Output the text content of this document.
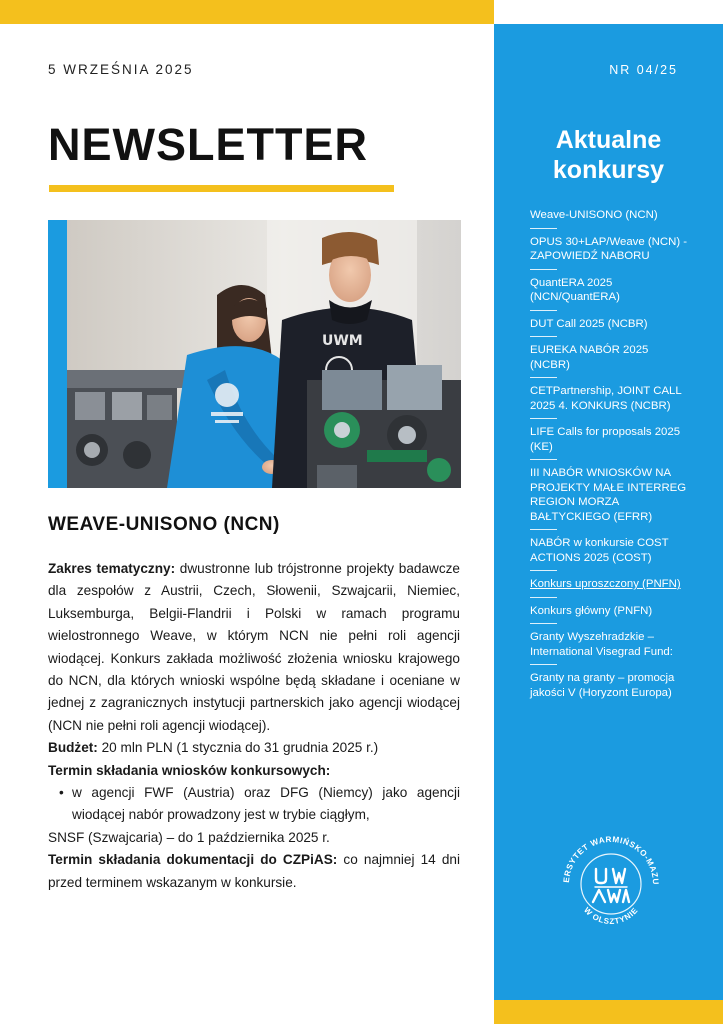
5 WRZEŚNIA 2025	NR 04/25
NEWSLETTER
UWM
WEAVE-UNISONO (NCN)

Zakres tematyczny: dwustronne lub trójstronne projekty badawcze dla zespołów z Austrii, Czech, Słowenii, Szwajcarii, Niemiec, Luksemburga, Belgii-Flandrii i Polski w ramach programu wielostronnego Weave, w którym NCN nie pełni roli agencji wiodącej. Konkurs zakłada możliwość złożenia wniosku krajowego do NCN, dla których wnioski wspólne będą składane i oceniane w jednej z zagranicznych instytucji partnerskich jako agencji wiodącej (NCN nie pełni roli agencji wiodącej).

Budżet: 20 mln PLN (1 stycznia do 31 grudnia 2025 r.)

Termin składania wniosków konkursowych:

• w agencji FWF (Austria) oraz DFG (Niemcy) jako agencji wiodącej nabór prowadzony jest w trybie ciągłym,

SNSF (Szwajcaria) – do 1 października 2025 r.

Termin składania dokumentacji do CZPiAS: co najmniej 14 dni przed terminem wskazanym w konkursie.

Aktualne
konkursy
Weave-UNISONO (NCN)
OPUS 30+LAP/Weave (NCN) - ZAPOWIEDŹ NABORU
QuantERA 2025 (NCN/QuantERA)
DUT Call 2025 (NCBR)
EUREKA NABÓR 2025 (NCBR)
CETPartnership, JOINT CALL 2025 4. KONKURS (NCBR)
LIFE Calls for proposals 2025 (KE)
III NABÓR WNIOSKÓW NA PROJEKTY MAŁE INTERREG REGION MORZA BAŁTYCKIEGO (EFRR)
NABÓR w konkursie COST ACTIONS 2025 (COST)
Konkurs uproszczony (PNFN)
Konkurs główny (PNFN)
Granty Wyszehradzkie – International Visegrad Fund:
Granty na granty – promocja jakości V (Horyzont Europa)
ERSYTET WARMIŃSKO-MAZU
W OLSZTYNIE
